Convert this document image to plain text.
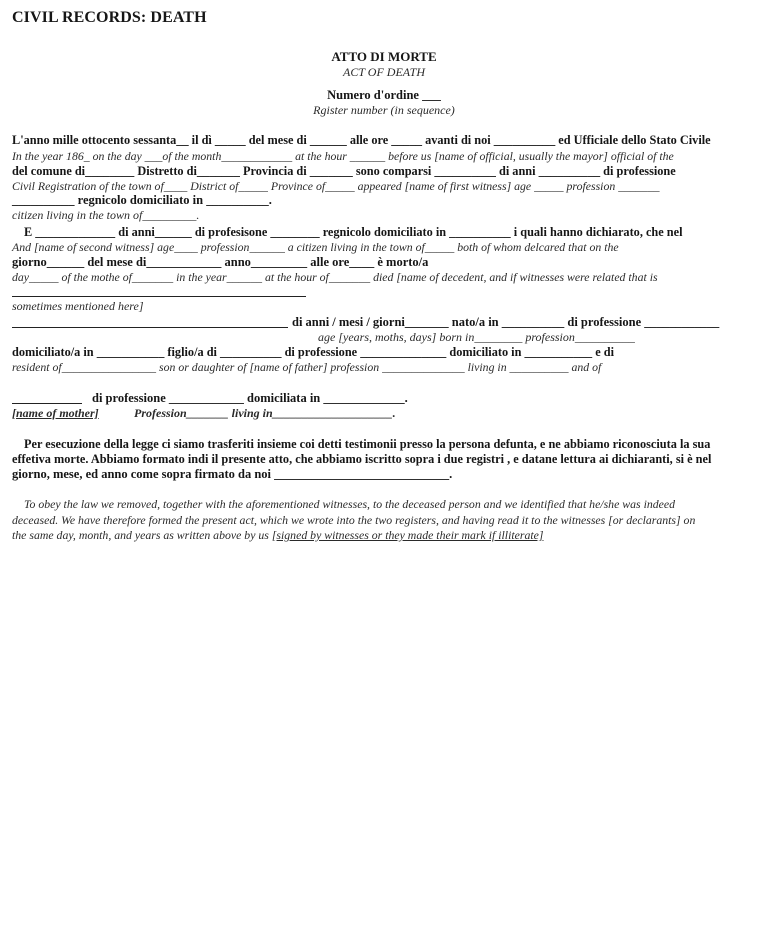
CIVIL RECORDS: DEATH
ATTO DI MORTE
ACT OF DEATH
Numero d'ordine ___
Rgister number (in sequence)
L'anno mille ottocento sessanta__ il dì _____ del mese di ______ alle ore _____ avanti di noi __________ ed Ufficiale dello Stato Civile
In the year 186_ on the day ___of the month____________ at the hour ______ before us [name of official, usually the mayor] official of the
del comune di________ Distretto di_______ Provincia di _______ sono comparsi __________ di anni __________ di professione
Civil Registration of the town of____ District of_____ Province of_____ appeared [name of first witness] age _____ profession _______
__________ regnicolo domiciliato in __________.
citizen living in the town of_________.
E _____________ di anni______ di profesisone ________ regnicolo domiciliato in __________ i quali hanno dichiarato, che nel
And [name of second witness] age____ profession______ a citizen living in the town of_____ both of whom delcared that on the
giorno______ del mese di____________ anno_________ alle ore____ è morto/a
day_____ of the mothe of_______ in the year______ at the hour of_______ died [name of decedent, and if witnesses were related that is
sometimes mentioned here]
di anni / mesi / giorni_______ nato/a in __________ di professione ____________
age [years, moths, days] born in________ profession__________
domiciliato/a in ___________ figlio/a di __________ di professione ______________ domiciliato in ___________ e di
resident of________________ son or daughter of [name of father] profession ______________ living in __________ and of
di professione ____________ domiciliata in _____________.
[name of mother]	Profession_______ living in____________________.
Per esecuzione della legge ci siamo trasferiti insieme coi detti testimonii presso la persona defunta, e ne abbiamo riconosciuta la sua
effetiva morte. Abbiamo formato indi il presente atto, che abbiamo iscritto sopra i due registri , e datane lettura ai dichiaranti, si è nel
giorno, mese, ed anno come sopra firmato da noi ____________________________.
To obey the law we removed, together with the aforementioned witnesses, to the deceased person and we identified that he/she was indeed
deceased. We have therefore formed the present act, which we wrote into the two registers, and having read it to the witnesses [or declarants] on
the same day, month, and years as written above by us [signed by witnesses or they made their mark if illiterate]
